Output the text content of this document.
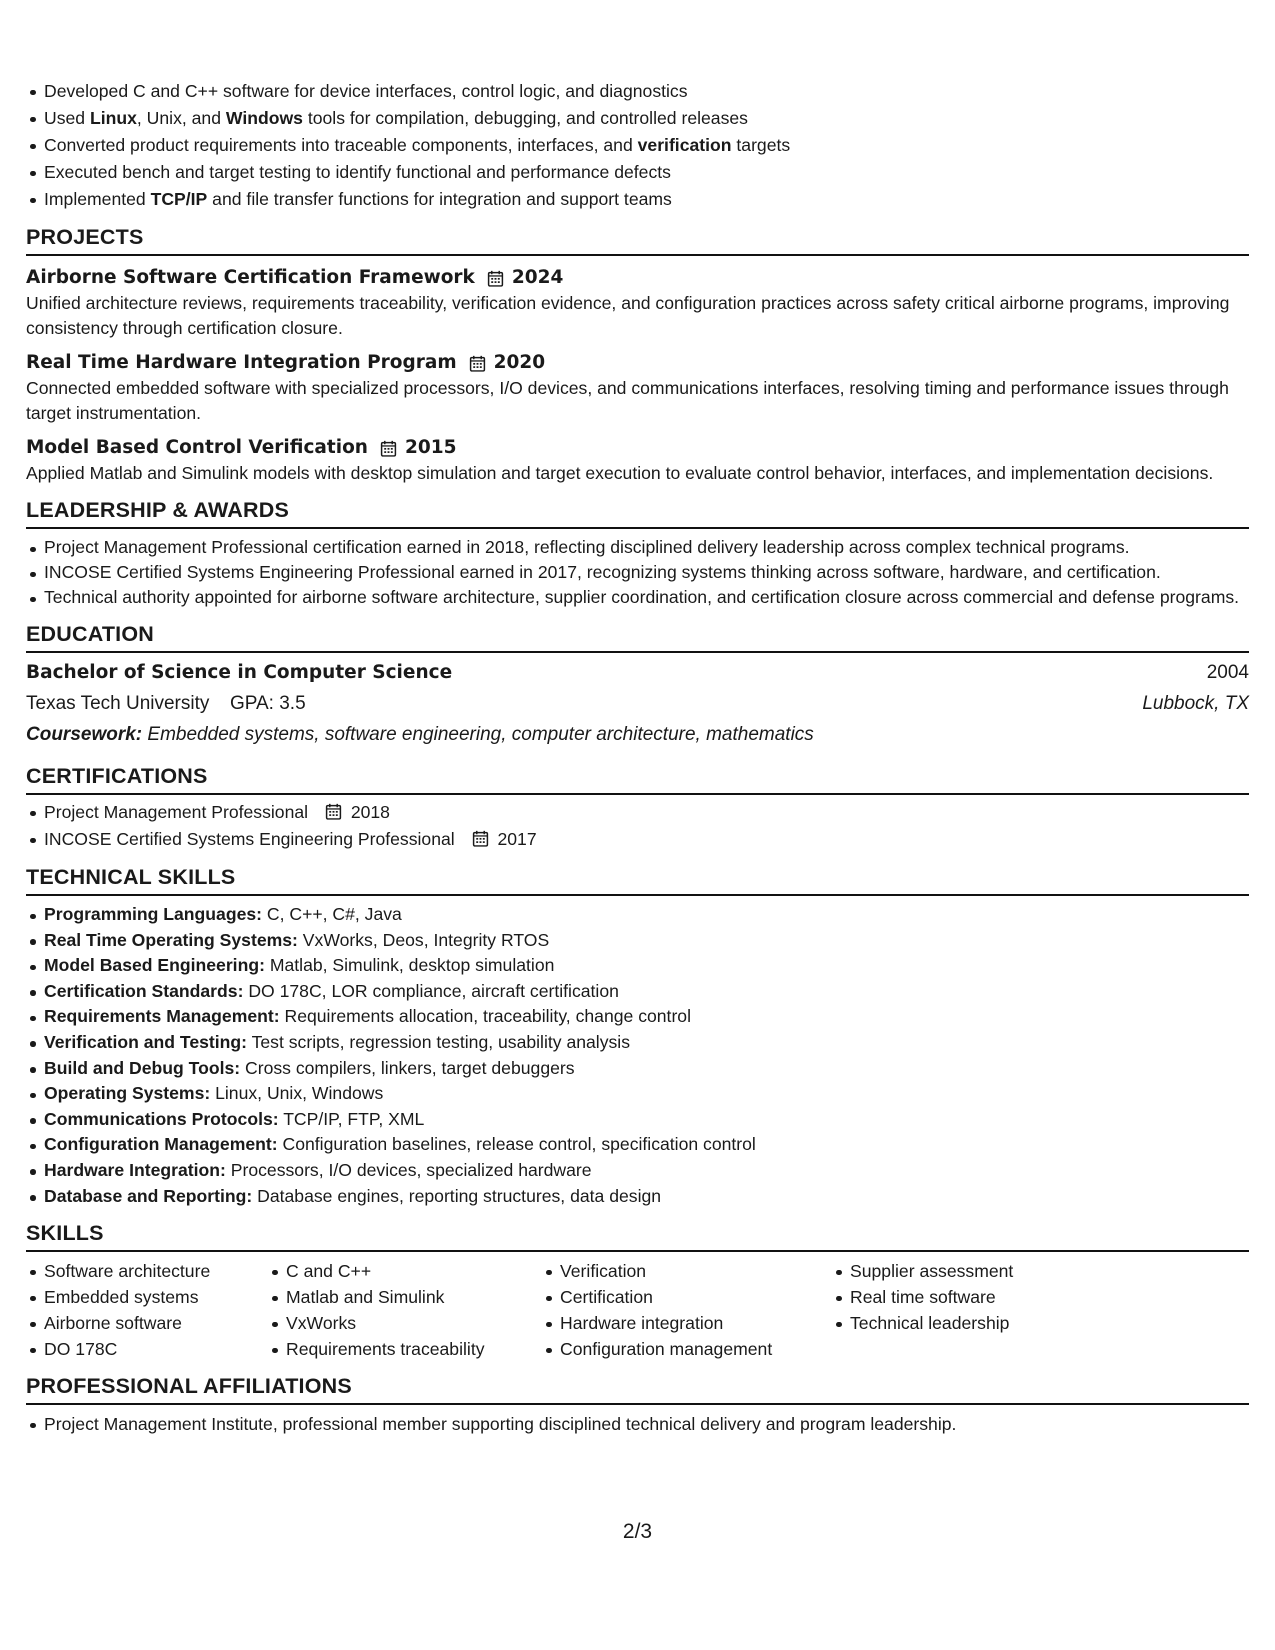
Developed C and C++ software for device interfaces, control logic, and diagnostics
Used Linux, Unix, and Windows tools for compilation, debugging, and controlled releases
Converted product requirements into traceable components, interfaces, and verification targets
Executed bench and target testing to identify functional and performance defects
Implemented TCP/IP and file transfer functions for integration and support teams
PROJECTS
Airborne Software Certification Framework 2024
Unified architecture reviews, requirements traceability, verification evidence, and configuration practices across safety critical airborne programs, improving consistency through certification closure.
Real Time Hardware Integration Program 2020
Connected embedded software with specialized processors, I/O devices, and communications interfaces, resolving timing and performance issues through target instrumentation.
Model Based Control Verification 2015
Applied Matlab and Simulink models with desktop simulation and target execution to evaluate control behavior, interfaces, and implementation decisions.
LEADERSHIP & AWARDS
Project Management Professional certification earned in 2018, reflecting disciplined delivery leadership across complex technical programs.
INCOSE Certified Systems Engineering Professional earned in 2017, recognizing systems thinking across software, hardware, and certification.
Technical authority appointed for airborne software architecture, supplier coordination, and certification closure across commercial and defense programs.
EDUCATION
Bachelor of Science in Computer Science	2004
Texas Tech University GPA: 3.5	Lubbock, TX
Coursework: Embedded systems, software engineering, computer architecture, mathematics
CERTIFICATIONS
Project Management Professional 2018
INCOSE Certified Systems Engineering Professional 2017
TECHNICAL SKILLS
Programming Languages: C, C++, C#, Java
Real Time Operating Systems: VxWorks, Deos, Integrity RTOS
Model Based Engineering: Matlab, Simulink, desktop simulation
Certification Standards: DO 178C, LOR compliance, aircraft certification
Requirements Management: Requirements allocation, traceability, change control
Verification and Testing: Test scripts, regression testing, usability analysis
Build and Debug Tools: Cross compilers, linkers, target debuggers
Operating Systems: Linux, Unix, Windows
Communications Protocols: TCP/IP, FTP, XML
Configuration Management: Configuration baselines, release control, specification control
Hardware Integration: Processors, I/O devices, specialized hardware
Database and Reporting: Database engines, reporting structures, data design
SKILLS
Software architecture
Embedded systems
Airborne software
DO 178C
C and C++
Matlab and Simulink
VxWorks
Requirements traceability
Verification
Certification
Hardware integration
Configuration management
Supplier assessment
Real time software
Technical leadership
PROFESSIONAL AFFILIATIONS
Project Management Institute, professional member supporting disciplined technical delivery and program leadership.
2/3
